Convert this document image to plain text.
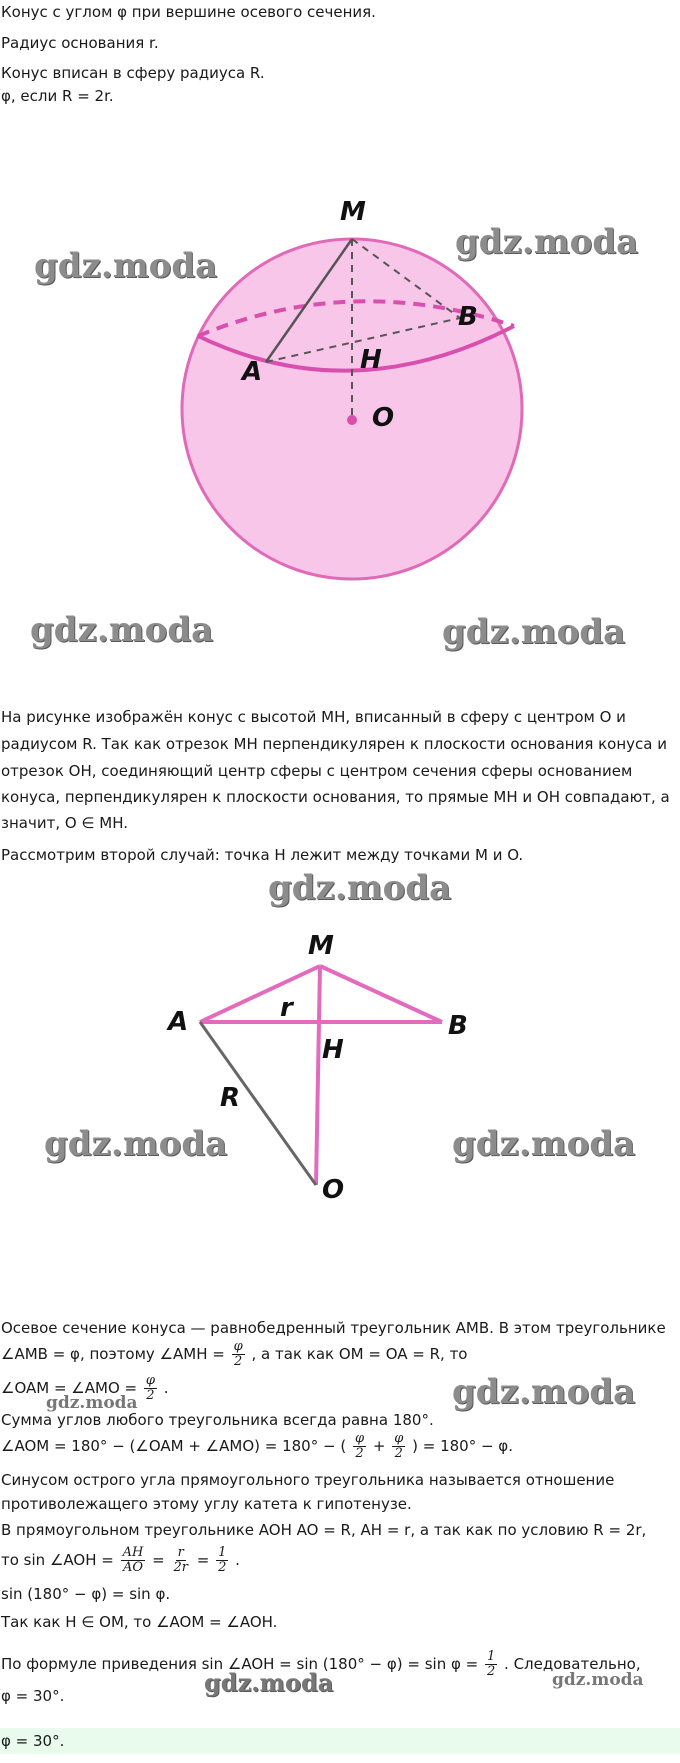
Конус с углом φ при вершине осевого сечения.
Радиус основания r.
Конус вписан в сферу радиуса R.
φ, если R = 2r.
M
A
B
H
O
gdz.moda
gdz.moda
gdz.moda	gdz.moda
На рисунке изображён конус с высотой MH, вписанный в сферу с центром O и
радиусом R. Так как отрезок MH перпендикулярен к плоскости основания конуса и
отрезок OH, соединяющий центр сферы с центром сечения сферы основанием
конуса, перпендикулярен к плоскости основания, то прямые MH и OH совпадают, а
значит, O ∈ MH.
Рассмотрим второй случай: точка H лежит между точками M и O.
gdz.moda
M
A	B
H
O
r
R
gdz.moda	gdz.moda
Осевое сечение конуса — равнобедренный треугольник AMB. В этом треугольнике
∠AMB = φ, поэтому ∠AMH = $\frac{\varphi}{2}$ , а так как OM = OA = R, то
∠OAM = ∠AMO = $\frac{\varphi}{2}$ .
gdz.moda
Сумма углов любого треугольника всегда равна 180°.
gdz.moda
∠AOM = 180° − (∠OAM + ∠AMO) = 180° − ( $\frac{\varphi}{2} + \frac{\varphi}{2}$ ) = 180° − φ.
Синусом острого угла прямоугольного треугольника называется отношение
противолежащего этому углу катета к гипотенузе.
В прямоугольном треугольнике AOH AO = R, AH = r, а так как по условию R = 2r,
то sin ∠AOH = $\frac{AH}{AO} = \frac{r}{2r} = \frac{1}{2}$ .
sin (180° − φ) = sin φ.
Так как H ∈ OM, то ∠AOM = ∠AOH.
По формуле приведения sin ∠AOH = $\sin (180^\circ - \varphi) = \sin \varphi = \frac{1}{2}$ . Следовательно,
φ = 30°.	gdz.moda	gdz.moda
φ = 30°.
